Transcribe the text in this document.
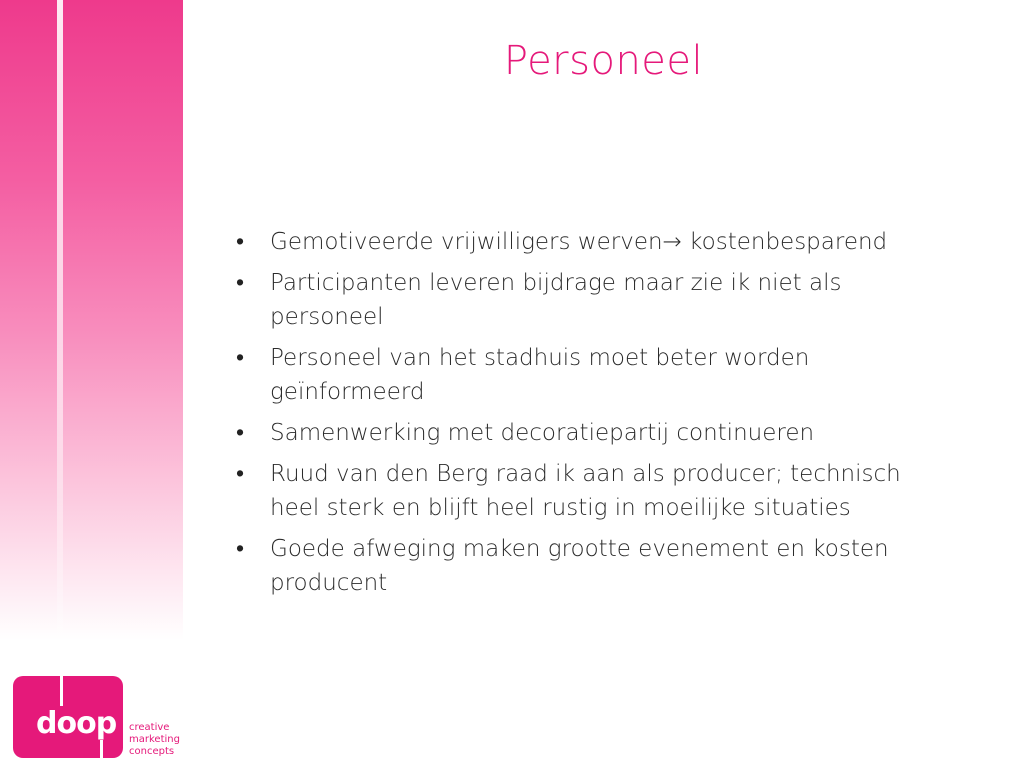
Personeel
• Gemotiveerde vrijwilligers werven→ kostenbesparend
• Participanten leveren bijdrage maar zie ik niet als personeel
• Personeel van het stadhuis moet beter worden geïnformeerd
• Samenwerking met decoratiepartij continueren
• Ruud van den Berg raad ik aan als producer; technisch heel sterk en blijft heel rustig in moeilijke situaties
• Goede afweging maken grootte evenement en kosten producent
doop creative
marketing
concepts
